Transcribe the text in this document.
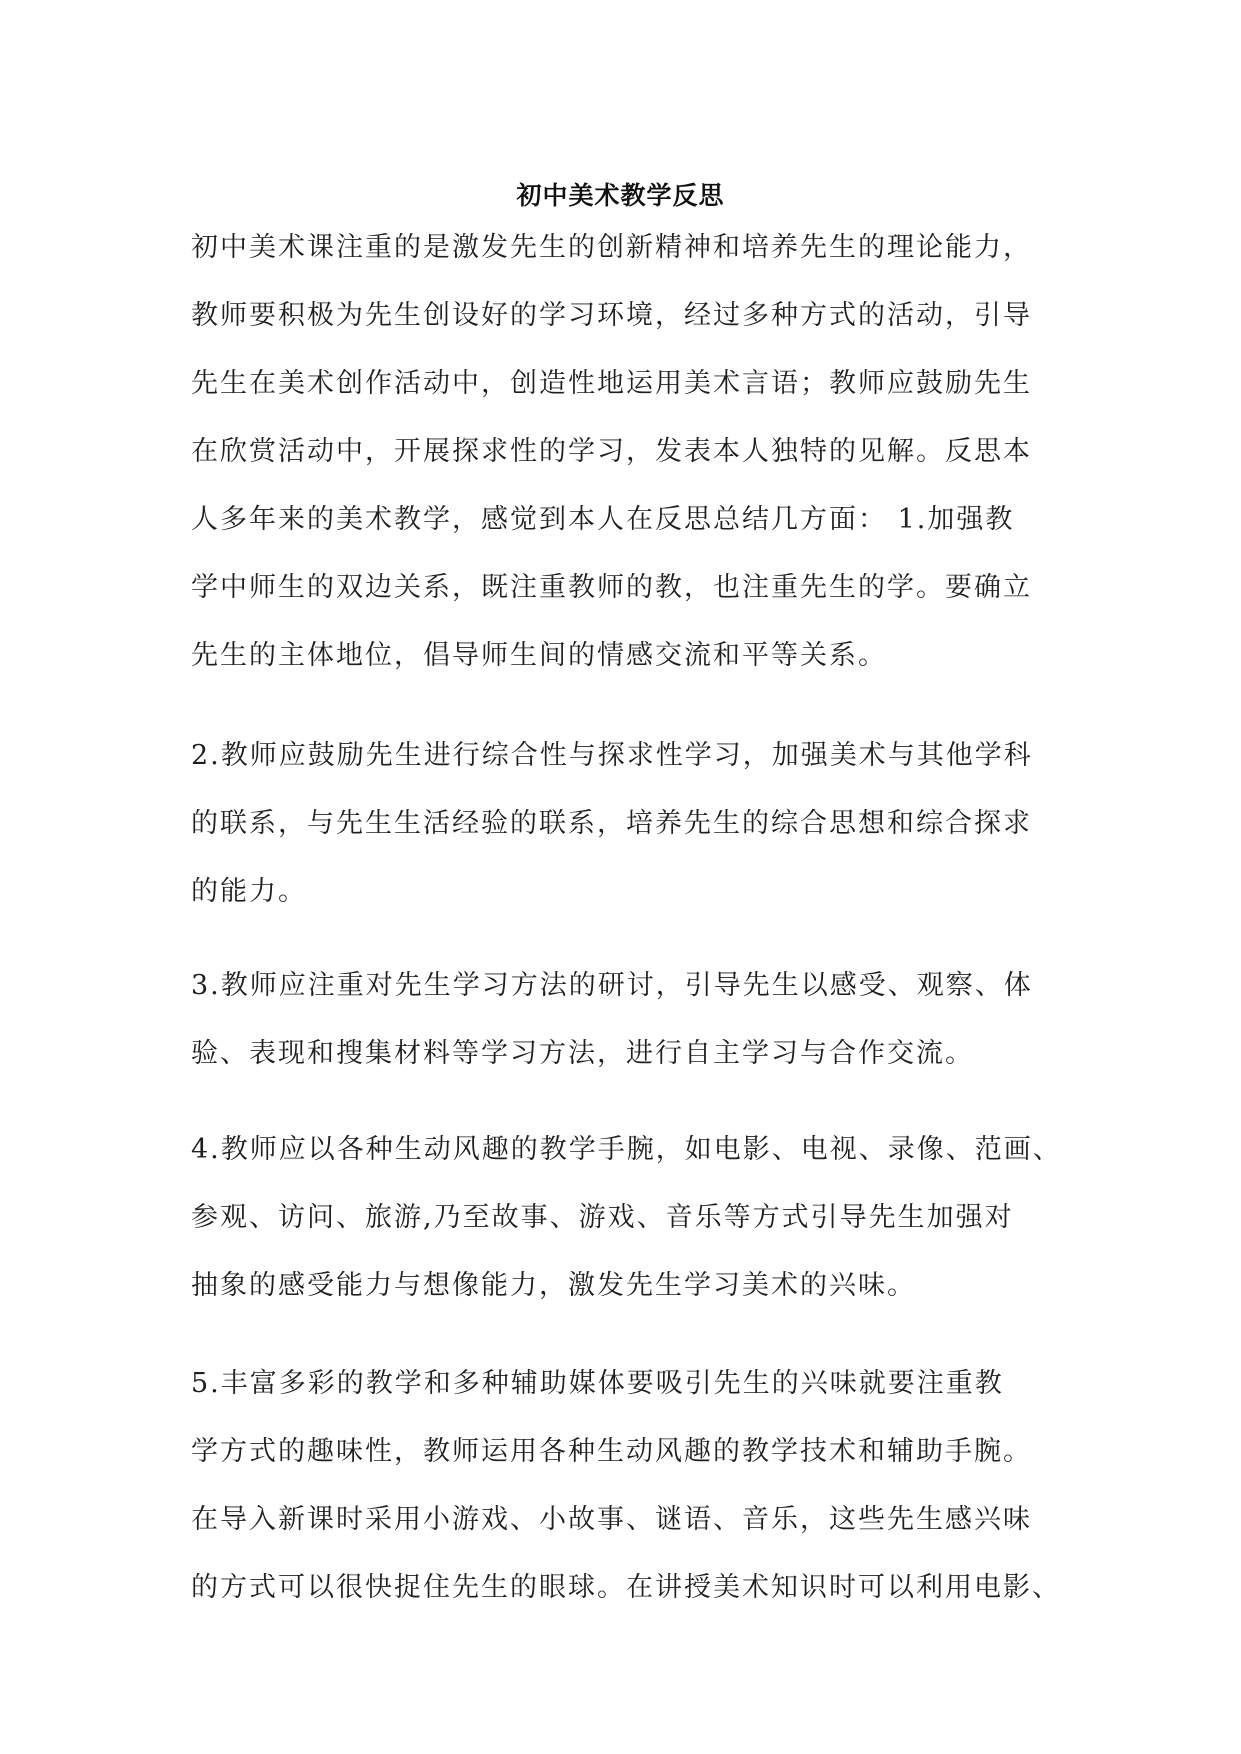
初中美术教学反思
初中美术课注重的是激发先生的创新精神和培养先生的理论能力，
教师要积极为先生创设好的学习环境，经过多种方式的活动，引导
先生在美术创作活动中，创造性地运用美术言语；教师应鼓励先生
在欣赏活动中，开展探求性的学习，发表本人独特的见解。反思本
人多年来的美术教学，感觉到本人在反思总结几方面： 1.加强教
学中师生的双边关系，既注重教师的教，也注重先生的学。要确立
先生的主体地位，倡导师生间的情感交流和平等关系。
2.教师应鼓励先生进行综合性与探求性学习，加强美术与其他学科
的联系，与先生生活经验的联系，培养先生的综合思想和综合探求
的能力。
3.教师应注重对先生学习方法的研讨，引导先生以感受、观察、体
验、表现和搜集材料等学习方法，进行自主学习与合作交流。
4.教师应以各种生动风趣的教学手腕，如电影、电视、录像、范画、
参观、访问、旅游,乃至故事、游戏、音乐等方式引导先生加强对
抽象的感受能力与想像能力，激发先生学习美术的兴味。
5.丰富多彩的教学和多种辅助媒体要吸引先生的兴味就要注重教
学方式的趣味性，教师运用各种生动风趣的教学技术和辅助手腕。
在导入新课时采用小游戏、小故事、谜语、音乐，这些先生感兴味
的方式可以很快捉住先生的眼球。在讲授美术知识时可以利用电影、
